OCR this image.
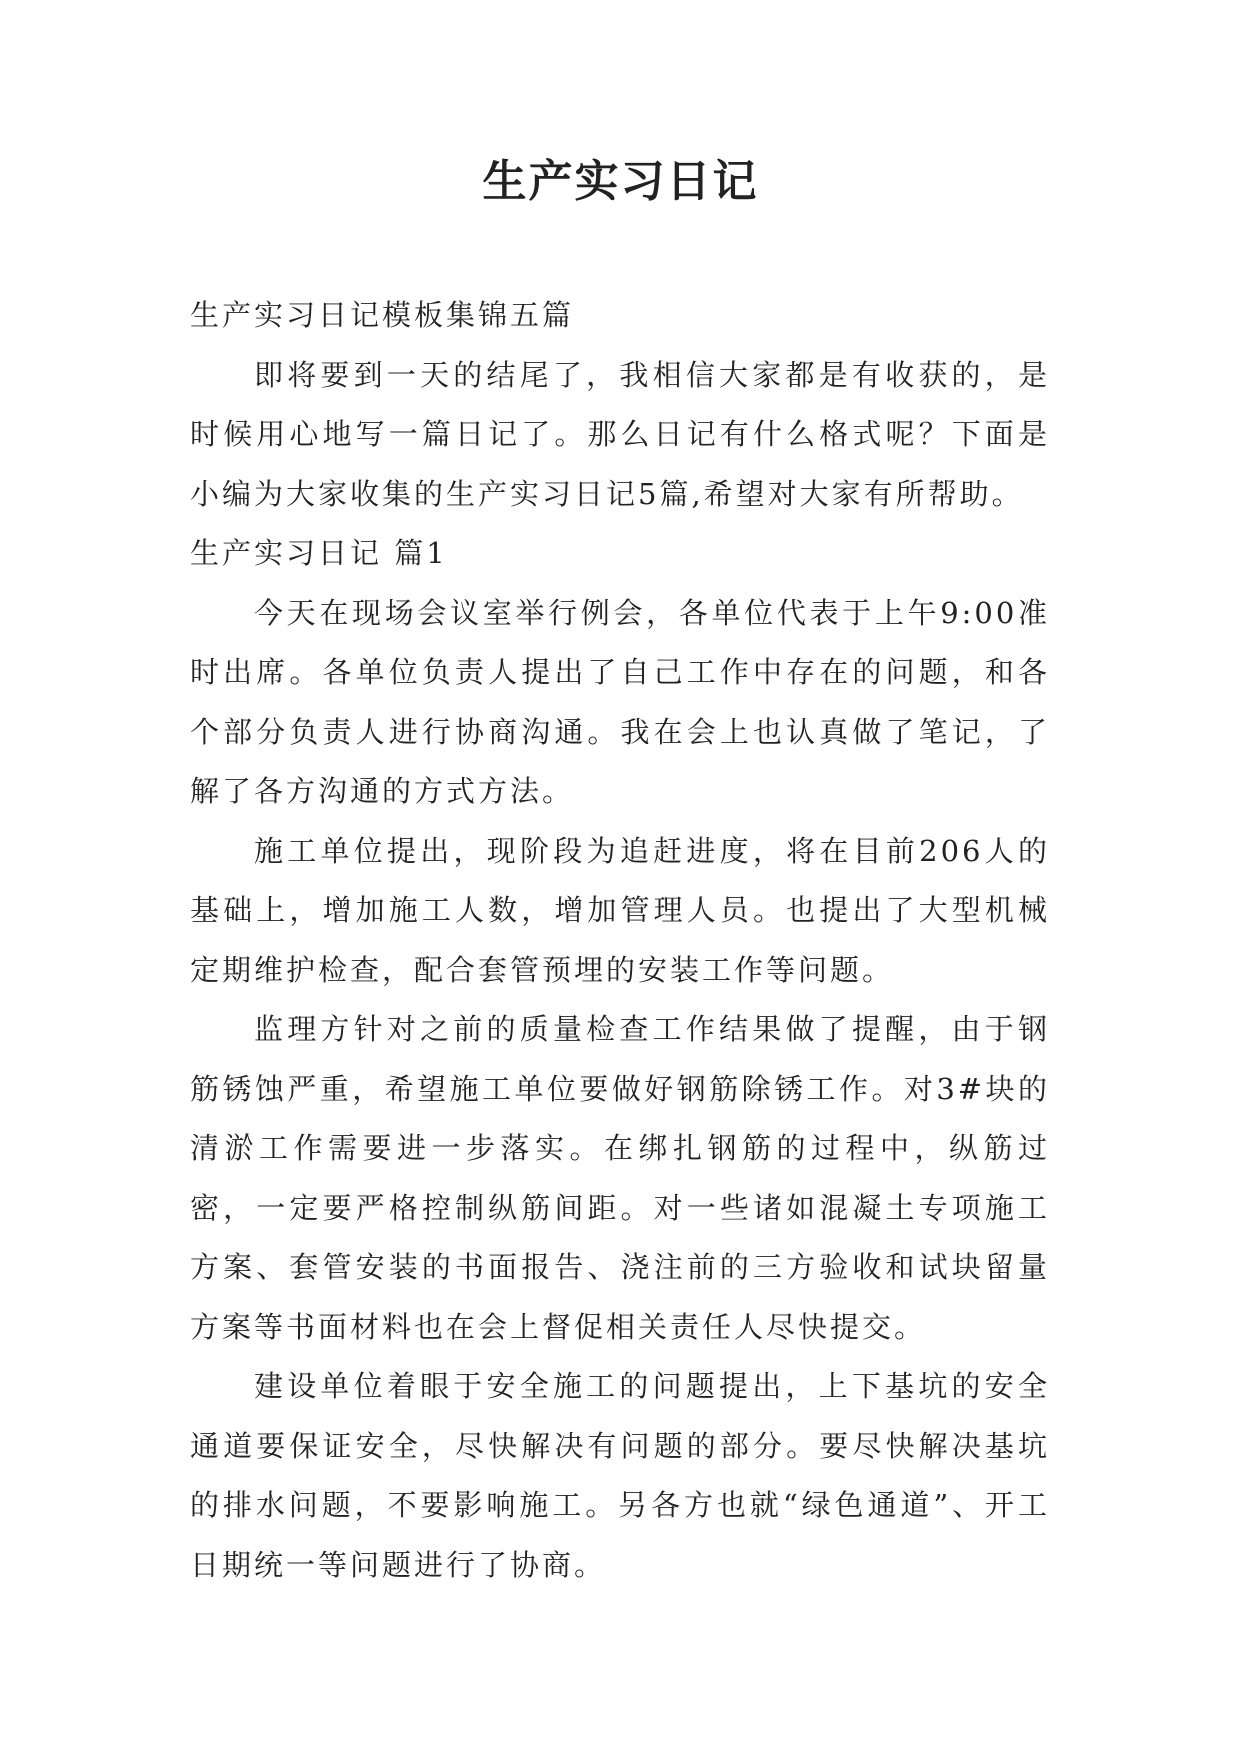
生产实习日记

生产实习日记模板集锦五篇

即将要到一天的结尾了，我相信大家都是有收获的，是时候用心地写一篇日记了。那么日记有什么格式呢？下面是小编为大家收集的生产实习日记5篇,希望对大家有所帮助。

生产实习日记 篇1

今天在现场会议室举行例会，各单位代表于上午9:00准时出席。各单位负责人提出了自己工作中存在的问题，和各个部分负责人进行协商沟通。我在会上也认真做了笔记，了解了各方沟通的方式方法。

施工单位提出，现阶段为追赶进度，将在目前206人的基础上，增加施工人数，增加管理人员。也提出了大型机械定期维护检查，配合套管预埋的安装工作等问题。

监理方针对之前的质量检查工作结果做了提醒，由于钢筋锈蚀严重，希望施工单位要做好钢筋除锈工作。对3#块的清淤工作需要进一步落实。在绑扎钢筋的过程中，纵筋过密，一定要严格控制纵筋间距。对一些诸如混凝土专项施工方案、套管安装的书面报告、浇注前的三方验收和试块留量方案等书面材料也在会上督促相关责任人尽快提交。

建设单位着眼于安全施工的问题提出，上下基坑的安全通道要保证安全，尽快解决有问题的部分。要尽快解决基坑的排水问题，不要影响施工。另各方也就“绿色通道”、开工日期统一等问题进行了协商。
